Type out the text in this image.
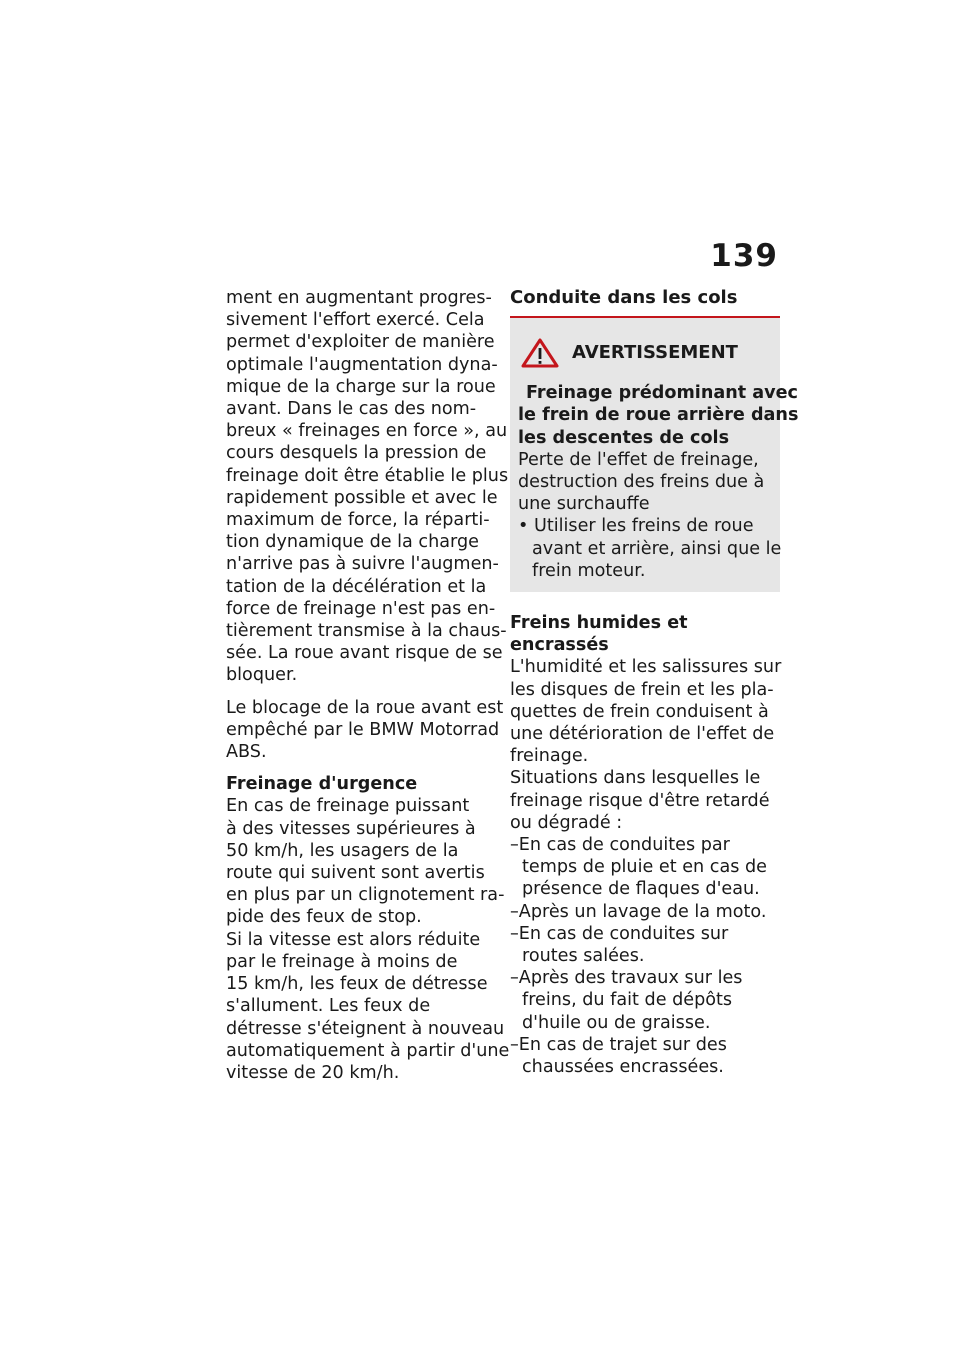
139

ment en augmentant progres-
sivement l'effort exercé. Cela
permet d'exploiter de manière
optimale l'augmentation dyna-
mique de la charge sur la roue
avant. Dans le cas des nom-
breux « freinages en force », au
cours desquels la pression de
freinage doit être établie le plus
rapidement possible et avec le
maximum de force, la réparti-
tion dynamique de la charge
n'arrive pas à suivre l'augmen-
tation de la décélération et la
force de freinage n'est pas en-
tièrement transmise à la chaus-
sée. La roue avant risque de se
bloquer.

Le blocage de la roue avant est
empêché par le BMW Motorrad
ABS.

Freinage d'urgence

En cas de freinage puissant
à des vitesses supérieures à
50 km/h, les usagers de la
route qui suivent sont avertis
en plus par un clignotement ra-
pide des feux de stop.
Si la vitesse est alors réduite
par le freinage à moins de
15 km/h, les feux de détresse
s'allument. Les feux de
détresse s'éteignent à nouveau
automatiquement à partir d'une
vitesse de 20 km/h.

Conduite dans les cols
AVERTISSEMENT
Freinage prédominant avec
le frein de roue arrière dans
les descentes de cols
Perte de l'effet de freinage,
destruction des freins due à
une surchauffe
• Utiliser les freins de roue
avant et arrière, ainsi que le
frein moteur.
Freins humides et encrassés
L'humidité et les salissures sur
les disques de frein et les pla-
quettes de frein conduisent à
une détérioration de l'effet de
freinage.
Situations dans lesquelles le
freinage risque d'être retardé
ou dégradé :
–En cas de conduites par
temps de pluie et en cas de
présence de flaques d'eau.
–Après un lavage de la moto.
–En cas de conduites sur
routes salées.
–Après des travaux sur les
freins, du fait de dépôts
d'huile ou de graisse.
–En cas de trajet sur des
chaussées encrassées.
